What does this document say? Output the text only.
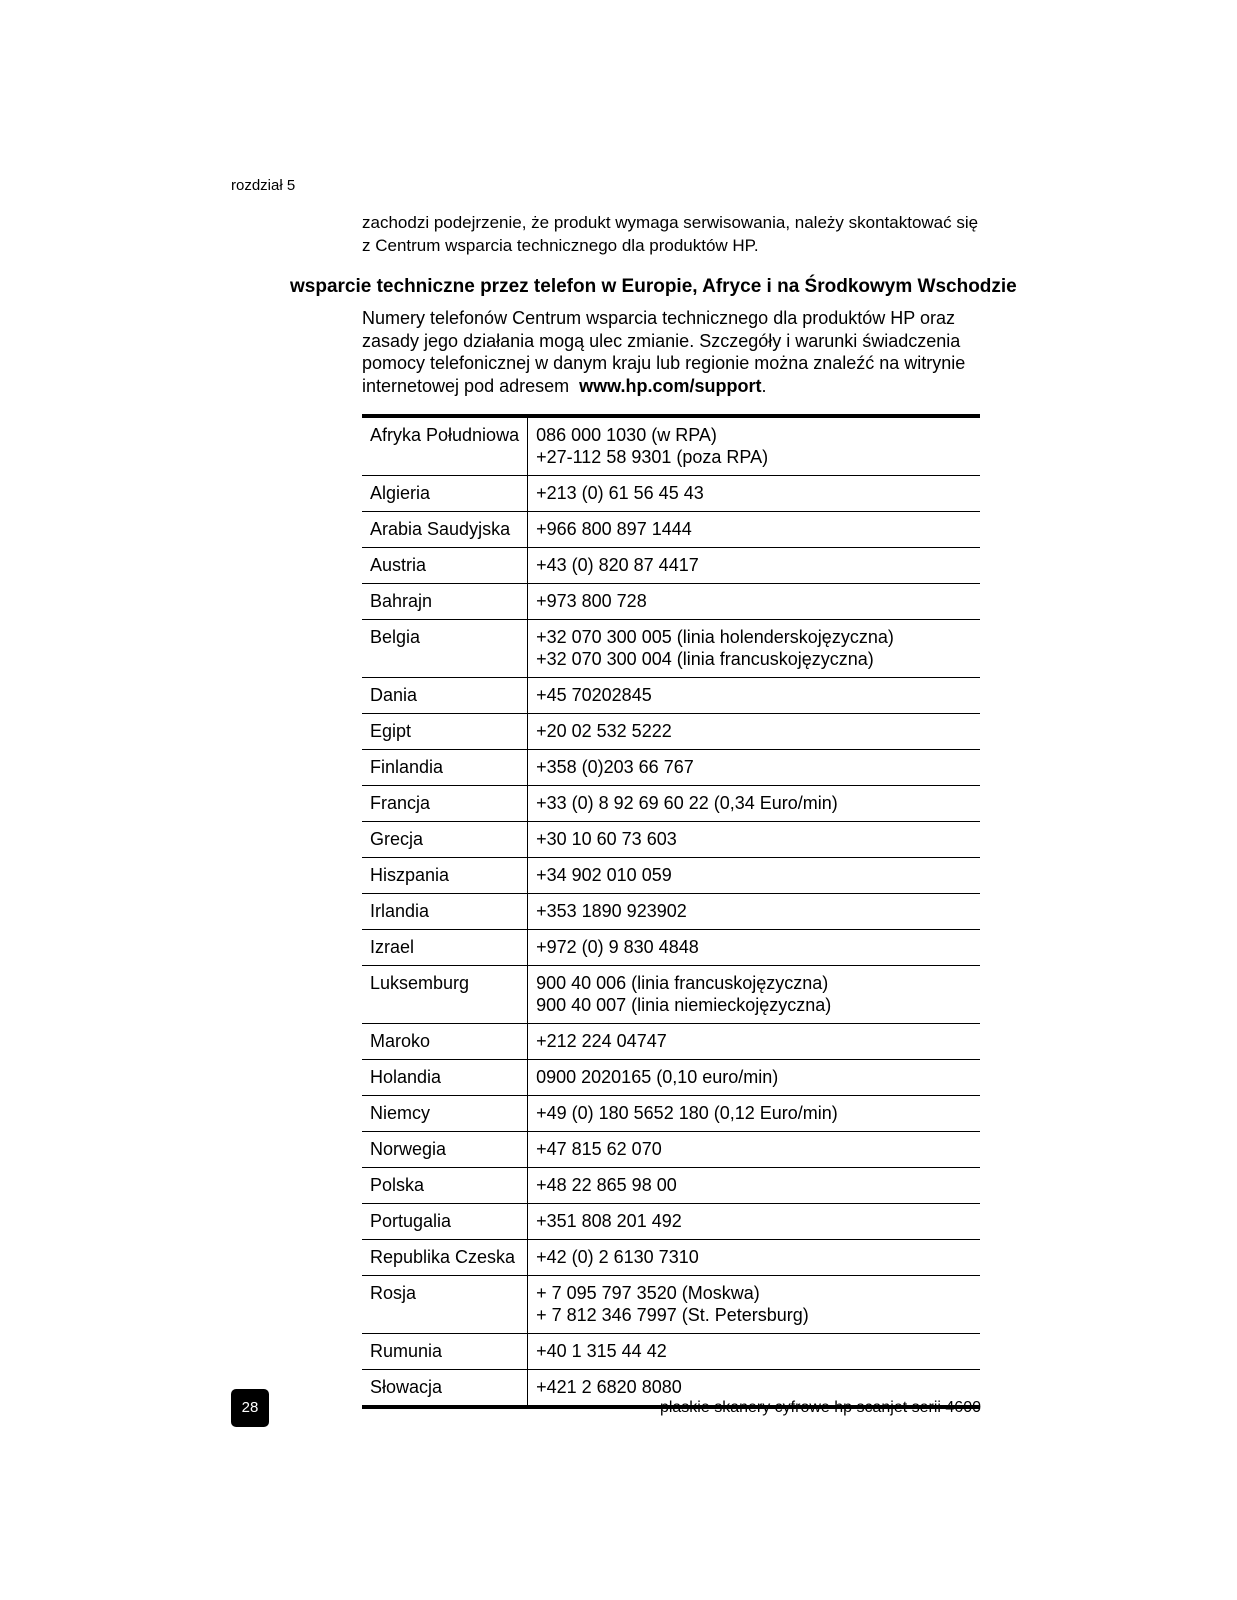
rozdział 5
zachodzi podejrzenie, że produkt wymaga serwisowania, należy skontaktować się
z Centrum wsparcia technicznego dla produktów HP.
wsparcie techniczne przez telefon w Europie, Afryce i na Środkowym Wschodzie
Numery telefonów Centrum wsparcia technicznego dla produktów HP oraz
zasady jego działania mogą ulec zmianie. Szczegóły i warunki świadczenia
pomocy telefonicznej w danym kraju lub regionie można znaleźć na witrynie
internetowej pod adresem www.hp.com/support.
Afryka Południowa	086 000 1030 (w RPA)
+27-112 58 9301 (poza RPA)

Algieria	+213 (0) 61 56 45 43

Arabia Saudyjska	+966 800 897 1444

Austria	+43 (0) 820 87 4417

Bahrajn	+973 800 728

Belgia	+32 070 300 005 (linia holenderskojęzyczna)
+32 070 300 004 (linia francuskojęzyczna)

Dania	+45 70202845

Egipt	+20 02 532 5222

Finlandia	+358 (0)203 66 767

Francja	+33 (0) 8 92 69 60 22 (0,34 Euro/min)

Grecja	+30 10 60 73 603

Hiszpania	+34 902 010 059

Irlandia	+353 1890 923902

Izrael	+972 (0) 9 830 4848

Luksemburg	900 40 006 (linia francuskojęzyczna)
900 40 007 (linia niemieckojęzyczna)

Maroko	+212 224 04747

Holandia	0900 2020165 (0,10 euro/min)

Niemcy	+49 (0) 180 5652 180 (0,12 Euro/min)

Norwegia	+47 815 62 070

Polska	+48 22 865 98 00

Portugalia	+351 808 201 492

Republika Czeska	+42 (0) 2 6130 7310

Rosja	+ 7 095 797 3520 (Moskwa)
+ 7 812 346 7997 (St. Petersburg)

Rumunia	+40 1 315 44 42

Słowacja	+421 2 6820 8080
28	płaskie skanery cyfrowe hp scanjet serii 4600
